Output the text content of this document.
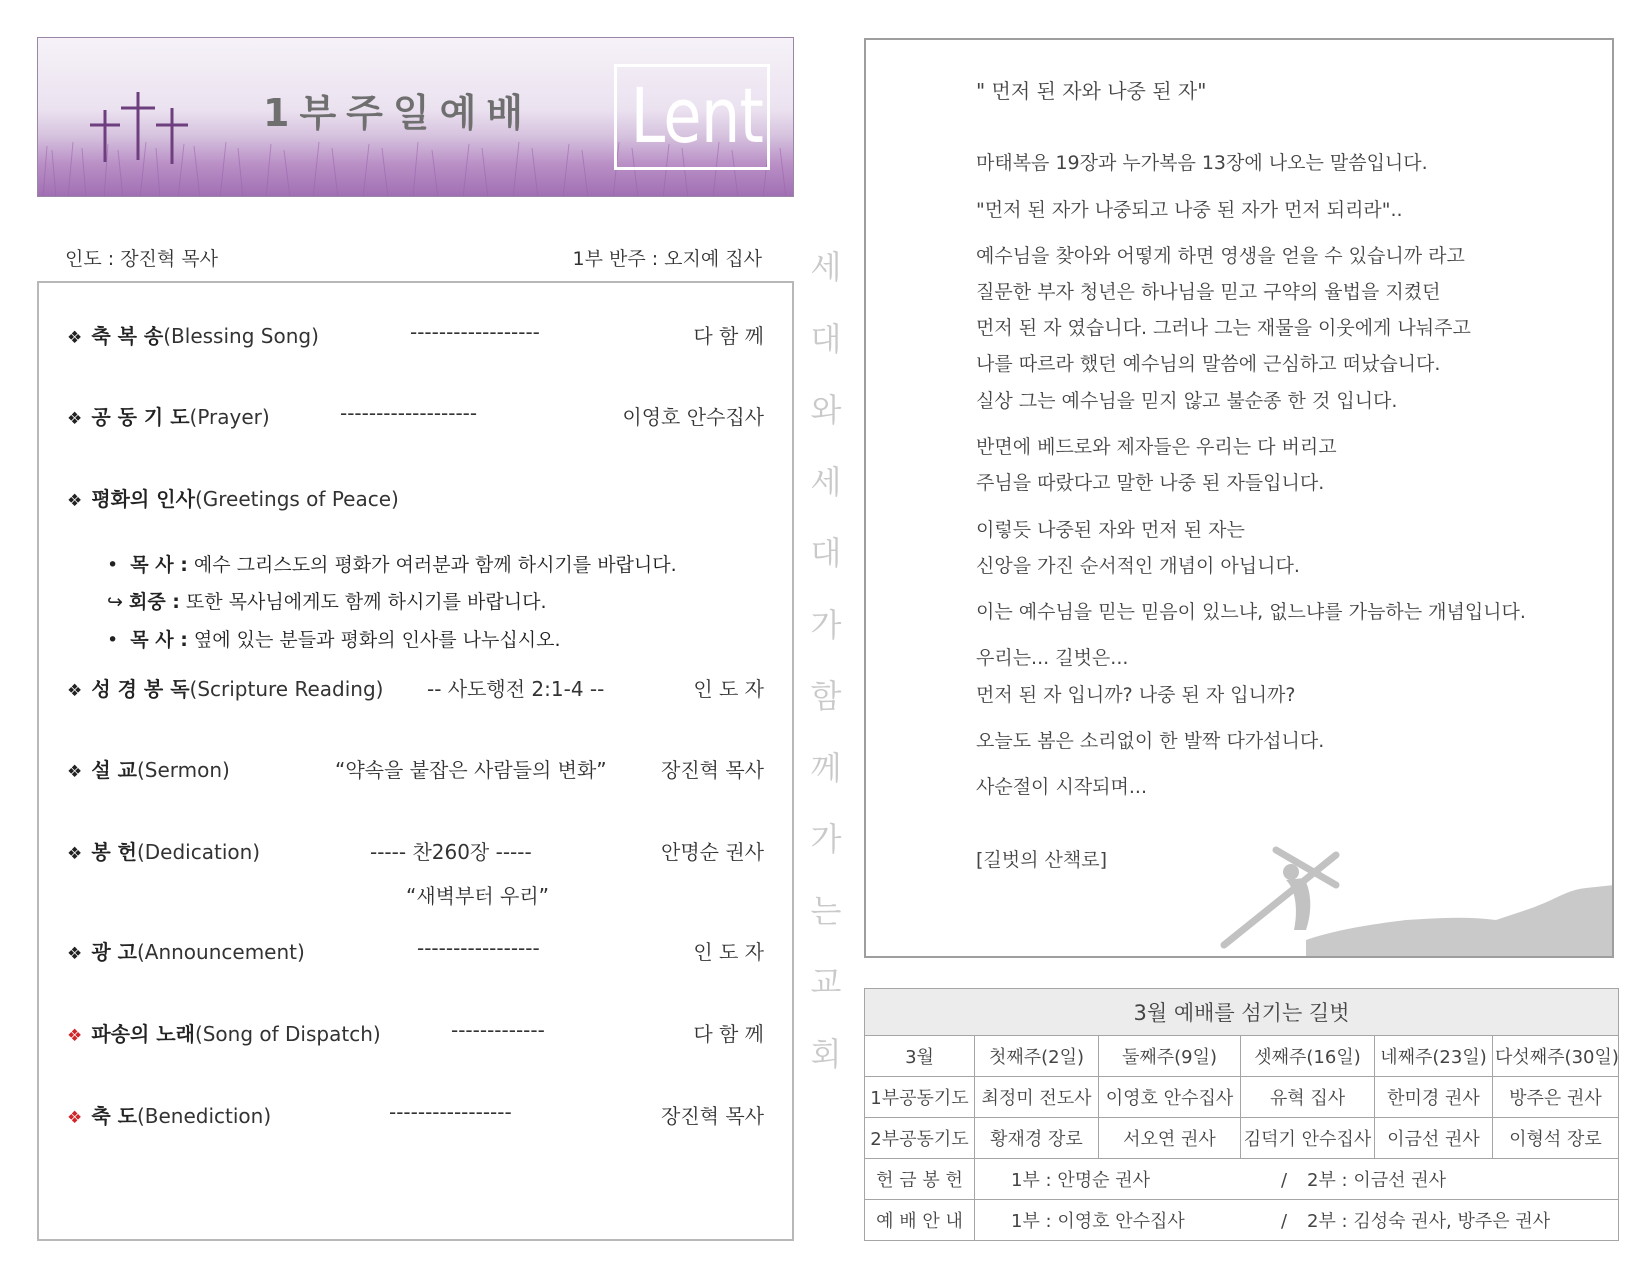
1부주일예배	Lent
인도 : 장진혁 목사	1부 반주 : 오지예 집사
❖ 축 복 송(Blessing Song)	------------------	다 함 께
❖ 공 동 기 도(Prayer)	-------------------	이영호 안수집사
❖ 평화의 인사(Greetings of Peace)
•  목 사 : 예수 그리스도의 평화가 여러분과 함께 하시기를 바랍니다.
↪ 회중 : 또한 목사님에게도 함께 하시기를 바랍니다.
•  목 사 : 옆에 있는 분들과 평화의 인사를 나누십시오.
❖ 성 경 봉 독(Scripture Reading) -- 사도행전 2:1-4 --	인 도 자
❖ 설 교(Sermon)	“약속을 붙잡은 사람들의 변화”	장진혁 목사
❖ 봉 헌(Dedication)	----- 찬260장 -----	안명순 권사
“새벽부터 우리”
❖ 광 고(Announcement)	-----------------	인 도 자
❖ 파송의 노래(Song of Dispatch)	-------------	다 함 께
❖ 축 도(Benediction)	-----------------	장진혁 목사
세
대
와
세
대
가
함
께
가
는
교
회

" 먼저 된 자와 나중 된 자"

마태복음 19장과 누가복음 13장에 나오는 말씀입니다.

"먼저 된 자가 나중되고 나중 된 자가 먼저 되리라"..

예수님을 찾아와 어떻게 하면 영생을 얻을 수 있습니까 라고

질문한 부자 청년은 하나님을 믿고 구약의 율법을 지켰던

먼저 된 자 였습니다. 그러나 그는 재물을 이웃에게 나눠주고

나를 따르라 했던 예수님의 말씀에 근심하고 떠났습니다.

실상 그는 예수님을 믿지 않고 불순종 한 것 입니다.

반면에 베드로와 제자들은 우리는 다 버리고

주님을 따랐다고 말한 나중 된 자들입니다.

이렇듯 나중된 자와 먼저 된 자는

신앙을 가진 순서적인 개념이 아닙니다.

이는 예수님을 믿는 믿음이 있느냐, 없느냐를 가늠하는 개념입니다.

우리는... 길벗은...

먼저 된 자 입니까? 나중 된 자 입니까?

오늘도 봄은 소리없이 한 발짝 다가섭니다.

사순절이 시작되며...

[길벗의 산책로]

3월 예배를 섬기는 길벗					
3월	첫째주(2일)	둘째주(9일)	셋째주(16일)	네째주(23일)	다섯째주(30일)
1부공동기도	최정미 전도사	이영호 안수집사	유혁 집사	한미경 권사	방주은 권사
2부공동기도	황재경 장로	서오연 권사	김덕기 안수집사	이금선 권사	이형석 장로
헌 금 봉 헌	1부 : 안명순 권사 / 2부 : 이금선 권사				
예 배 안 내	1부 : 이영호 안수집사 / 2부 : 김성숙 권사, 방주은 권사				
